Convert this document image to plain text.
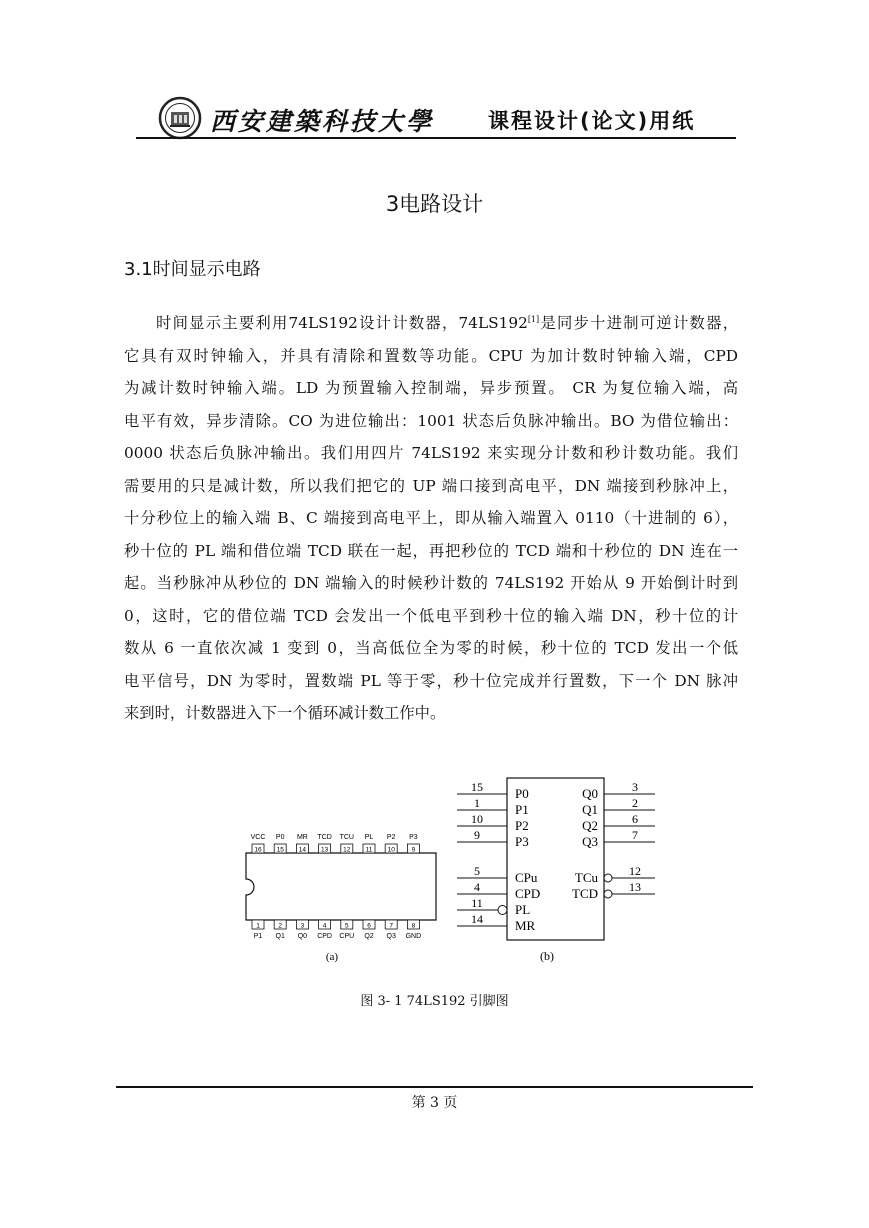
西安建築科技大學	课程设计(论文)用纸
3电路设计
3.1时间显示电路
时间显示主要利用74LS192设计计数器，74LS192[1]是同步十进制可逆计数器，
它具有双时钟输入，并具有清除和置数等功能。CPU 为加计数时钟输入端，CPD
为减计数时钟输入端。LD 为预置输入控制端，异步预置。 CR 为复位输入端，高
电平有效，异步清除。CO 为进位输出：1001 状态后负脉冲输出。BO 为借位输出：
0000 状态后负脉冲输出。我们用四片 74LS192 来实现分计数和秒计数功能。我们
需要用的只是减计数，所以我们把它的 UP 端口接到高电平，DN 端接到秒脉冲上，
十分秒位上的输入端 B、C 端接到高电平上，即从输入端置入 0110（十进制的 6），
秒十位的 PL 端和借位端 TCD 联在一起，再把秒位的 TCD 端和十秒位的 DN 连在一
起。当秒脉冲从秒位的 DN 端输入的时候秒计数的 74LS192 开始从 9 开始倒计时到
0，这时，它的借位端 TCD 会发出一个低电平到秒十位的输入端 DN，秒十位的计
数从 6 一直依次减 1 变到 0，当高低位全为零的时候，秒十位的 TCD 发出一个低
电平信号，DN 为零时，置数端 PL 等于零，秒十位完成并行置数，下一个 DN 脉冲
来到时，计数器进入下一个循环减计数工作中。
16
VCC
15
P0
14
MR
13
TCD
12
TCU
11
PL
10
P2
9
P3
1
P1
2
Q1
3
Q0
4
CPD
5
CPU
6
Q2
7
Q3
8
GND
(a)
15 P0
1	P1
10 P2
9	P3
5	CPu
4	CPD
11 PL
14 MR
3
Q0
2
Q1
6
Q2
7
Q3
12
TCu
13
TCD
(b)
图 3- 1 74LS192 引脚图
第 3 页
